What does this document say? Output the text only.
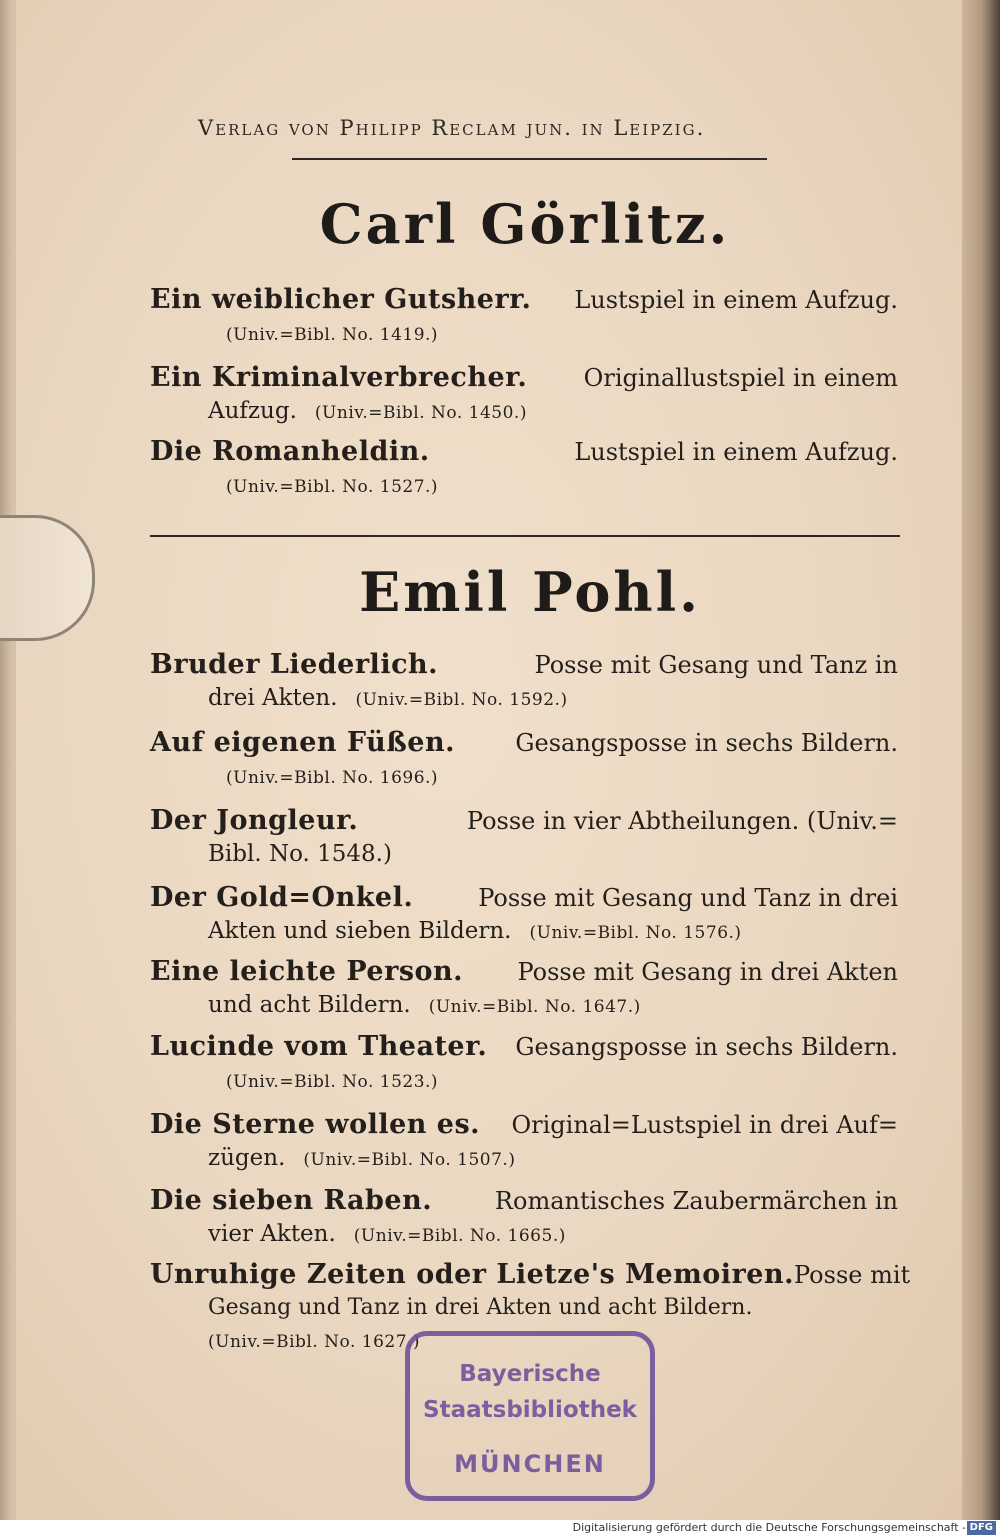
Verlag von Philipp Reclam jun. in Leipzig.
Carl Görlitz.
Ein weiblicher Gutsherr. Lustspiel in einem Aufzug.
(Univ.=Bibl. No. 1419.)
Ein Kriminalverbrecher. Originallustspiel in einem
Aufzug. (Univ.=Bibl. No. 1450.)
Die Romanheldin.	Lustspiel in einem Aufzug.
(Univ.=Bibl. No. 1527.)
Emil Pohl.
Bruder Liederlich.	Posse mit Gesang und Tanz in
drei Akten. (Univ.=Bibl. No. 1592.)
Auf eigenen Füßen.	Gesangsposse in sechs Bildern.
(Univ.=Bibl. No. 1696.)
Der Jongleur.	Posse in vier Abtheilungen. (Univ.=
Bibl. No. 1548.)
Der Gold=Onkel.	Posse mit Gesang und Tanz in drei
Akten und sieben Bildern. (Univ.=Bibl. No. 1576.)
Eine leichte Person. Posse mit Gesang in drei Akten
und acht Bildern. (Univ.=Bibl. No. 1647.)
Lucinde vom Theater. Gesangsposse in sechs Bildern.
(Univ.=Bibl. No. 1523.)
Die Sterne wollen es. Original=Lustspiel in drei Auf=
zügen. (Univ.=Bibl. No. 1507.)
Die sieben Raben.	Romantisches Zaubermärchen in
vier Akten. (Univ.=Bibl. No. 1665.)
Unruhige Zeiten oder Lietze's Memoiren. Posse mit
Gesang und Tanz in drei Akten und acht Bildern.
(Univ.=Bibl. No. 1627.)
Bayerische
Staatsbibliothek
MÜNCHEN
Digitalisierung gefördert durch die Deutsche Forschungsgemeinschaft - DFG
